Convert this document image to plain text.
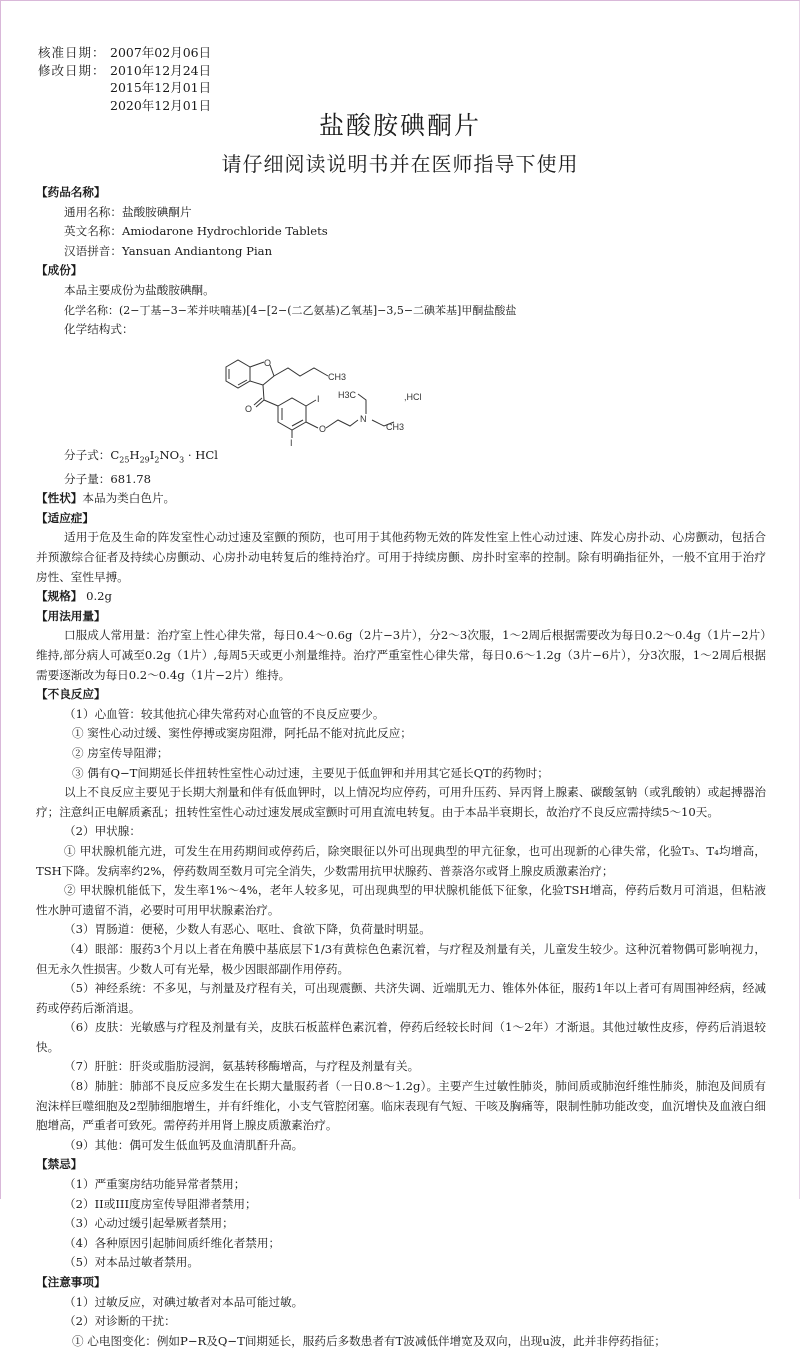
核准日期： 2007年02月06日
修改日期： 2010年12月24日
2015年12月01日
2020年12月01日
盐酸胺碘酮片
请仔细阅读说明书并在医师指导下使用
【药品名称】
通用名称：盐酸胺碘酮片
英文名称：Amiodarone Hydrochloride Tablets
汉语拼音：Yansuan Andiantong Pian
【成份】
本品主要成份为盐酸胺碘酮。
化学名称：(2−丁基−3−苯并呋喃基)[4−[2−(二乙氨基)乙氧基]−3,5−二碘苯基]甲酮盐酸盐
化学结构式：
O
CH3
O
I
I
O
N
H3C
CH3
,HCl
分子式：$C_{25}H_{29}I_2NO_3$ · HCl
分子量：681.78
【性状】本品为类白色片。
【适应症】
适用于危及生命的阵发室性心动过速及室颤的预防，也可用于其他药物无效的阵发性室上性心动过速、阵发心房扑动、心房颤动，包括合并预激综合征者及持续心房颤动、心房扑动电转复后的维持治疗。可用于持续房颤、房扑时室率的控制。除有明确指征外，一般不宜用于治疗房性、室性早搏。
【规格】 0.2g
【用法用量】
口服成人常用量：治疗室上性心律失常，每日0.4～0.6g（2片−3片），分2～3次服，1～2周后根据需要改为每日0.2～0.4g（1片−2片）维持,部分病人可减至0.2g（1片）,每周5天或更小剂量维持。治疗严重室性心律失常，每日0.6～1.2g（3片−6片），分3次服，1～2周后根据需要逐渐改为每日0.2～0.4g（1片−2片）维持。
【不良反应】
（1）心血管：较其他抗心律失常药对心血管的不良反应要少。
① 窦性心动过缓、窦性停搏或窦房阻滞，阿托品不能对抗此反应；
② 房室传导阻滞；
③ 偶有Q−T间期延长伴扭转性室性心动过速，主要见于低血钾和并用其它延长QT的药物时；
以上不良反应主要见于长期大剂量和伴有低血钾时，以上情况均应停药，可用升压药、异丙肾上腺素、碳酸氢钠（或乳酸钠）或起搏器治疗；注意纠正电解质紊乱；扭转性室性心动过速发展成室颤时可用直流电转复。由于本品半衰期长，故治疗不良反应需持续5～10天。
（2）甲状腺：
① 甲状腺机能亢进，可发生在用药期间或停药后，除突眼征以外可出现典型的甲亢征象，也可出现新的心律失常，化验T₃、T₄均增高，TSH下降。发病率约2%，停药数周至数月可完全消失，少数需用抗甲状腺药、普萘洛尔或肾上腺皮质激素治疗；
② 甲状腺机能低下，发生率1%～4%，老年人较多见，可出现典型的甲状腺机能低下征象，化验TSH增高，停药后数月可消退，但粘液性水肿可遗留不消，必要时可用甲状腺素治疗。
（3）胃肠道：便秘，少数人有恶心、呕吐、食欲下降，负荷量时明显。
（4）眼部：服药3个月以上者在角膜中基底层下1/3有黄棕色色素沉着，与疗程及剂量有关，儿童发生较少。这种沉着物偶可影响视力，但无永久性损害。少数人可有光晕，极少因眼部副作用停药。
（5）神经系统：不多见，与剂量及疗程有关，可出现震颤、共济失调、近端肌无力、锥体外体征，服药1年以上者可有周围神经病，经减药或停药后渐消退。
（6）皮肤：光敏感与疗程及剂量有关，皮肤石板蓝样色素沉着，停药后经较长时间（1～2年）才渐退。其他过敏性皮疹，停药后消退较快。
（7）肝脏：肝炎或脂肪浸润，氨基转移酶增高，与疗程及剂量有关。
（8）肺脏：肺部不良反应多发生在长期大量服药者（一日0.8～1.2g）。主要产生过敏性肺炎，肺间质或肺泡纤维性肺炎，肺泡及间质有泡沫样巨噬细胞及2型肺细胞增生，并有纤维化，小支气管腔闭塞。临床表现有气短、干咳及胸痛等，限制性肺功能改变，血沉增快及血液白细胞增高，严重者可致死。需停药并用肾上腺皮质激素治疗。
（9）其他：偶可发生低血钙及血清肌酐升高。
【禁忌】
（1）严重窦房结功能异常者禁用；
（2）II或III度房室传导阻滞者禁用；
（3）心动过缓引起晕厥者禁用；
（4）各种原因引起肺间质纤维化者禁用；
（5）对本品过敏者禁用。
【注意事项】
（1）过敏反应，对碘过敏者对本品可能过敏。
（2）对诊断的干扰：
① 心电图变化：例如P−R及Q−T间期延长，服药后多数患者有T波减低伴增宽及双向，出现u波，此并非停药指征；
